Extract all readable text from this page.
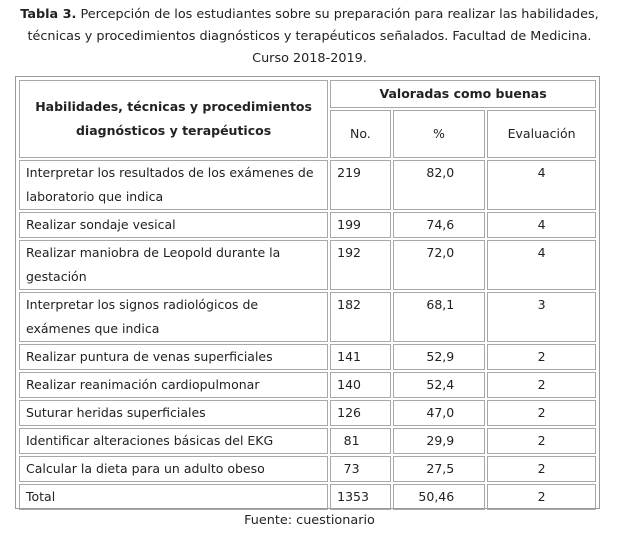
Tabla 3. Percepción de los estudiantes sobre su preparación para realizar las habilidades, técnicas y procedimientos diagnósticos y terapéuticos señalados. Facultad de Medicina. Curso 2018-2019.
Habilidades, técnicas y procedimientos diagnósticos y terapéuticos	Valoradas como buenas		
	No.	%	Evaluación
Interpretar los resultados de los exámenes de laboratorio que indica	219	82,0	4
Realizar sondaje vesical	199	74,6	4
Realizar maniobra de Leopold durante la gestación	192	72,0	4
Interpretar los signos radiológicos de exámenes que indica	182	68,1	3
Realizar puntura de venas superficiales	141	52,9	2
Realizar reanimación cardiopulmonar	140	52,4	2
Suturar heridas superficiales	126	47,0	2
Identificar alteraciones básicas del EKG	81	29,9	2
Calcular la dieta para un adulto obeso	73	27,5	2
Total	1353	50,46	2
Fuente: cuestionario
